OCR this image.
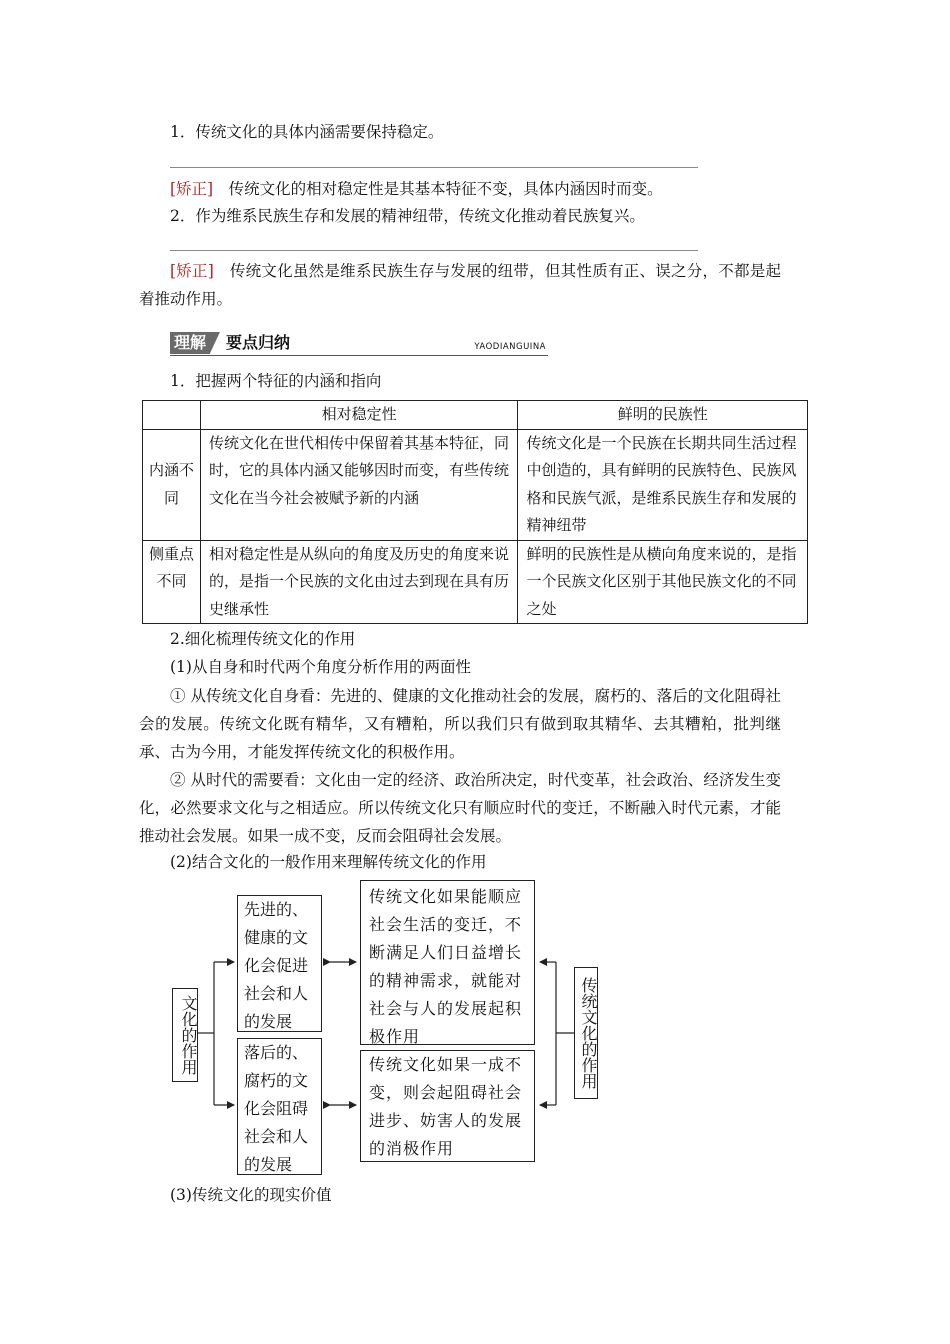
1．传统文化的具体内涵需要保持稳定。
[矫正]　传统文化的相对稳定性是其基本特征不变，具体内涵因时而变。
2．作为维系民族生存和发展的精神纽带，传统文化推动着民族复兴。
[矫正]　传统文化虽然是维系民族生存与发展的纽带，但其性质有正、误之分，不都是起着推动作用。
理解 要点归纳	YAODIANGUINA
1．把握两个特征的内涵和指向
	相对稳定性	鲜明的民族性
内涵不同	传统文化在世代相传中保留着其基本特征，同时，它的具体内涵又能够因时而变，有些传统文化在当今社会被赋予新的内涵	传统文化是一个民族在长期共同生活过程中创造的，具有鲜明的民族特色、民族风格和民族气派，是维系民族生存和发展的精神纽带
侧重点不同	相对稳定性是从纵向的角度及历史的角度来说的，是指一个民族的文化由过去到现在具有历史继承性	鲜明的民族性是从横向角度来说的，是指一个民族文化区别于其他民族文化的不同之处
2.细化梳理传统文化的作用
(1)从自身和时代两个角度分析作用的两面性
① 从传统文化自身看：先进的、健康的文化推动社会的发展，腐朽的、落后的文化阻碍社会的发展。传统文化既有精华，又有糟粕，所以我们只有做到取其精华、去其糟粕，批判继承、古为今用，才能发挥传统文化的积极作用。
② 从时代的需要看：文化由一定的经济、政治所决定，时代变革，社会政治、经济发生变化，必然要求文化与之相适应。所以传统文化只有顺应时代的变迁，不断融入时代元素，才能推动社会发展。如果一成不变，反而会阻碍社会发展。
(2)结合文化的一般作用来理解传统文化的作用
文化的作用
先进的、健康的文化会促进社会和人的发展
落后的、腐朽的文化会阻碍社会和人的发展
传统文化如果能顺应社会生活的变迁，不断满足人们日益增长的精神需求，就能对社会与人的发展起积极作用
传统文化如果一成不变，则会起阻碍社会进步、妨害人的发展的消极作用
传统文化的作用
(3)传统文化的现实价值
